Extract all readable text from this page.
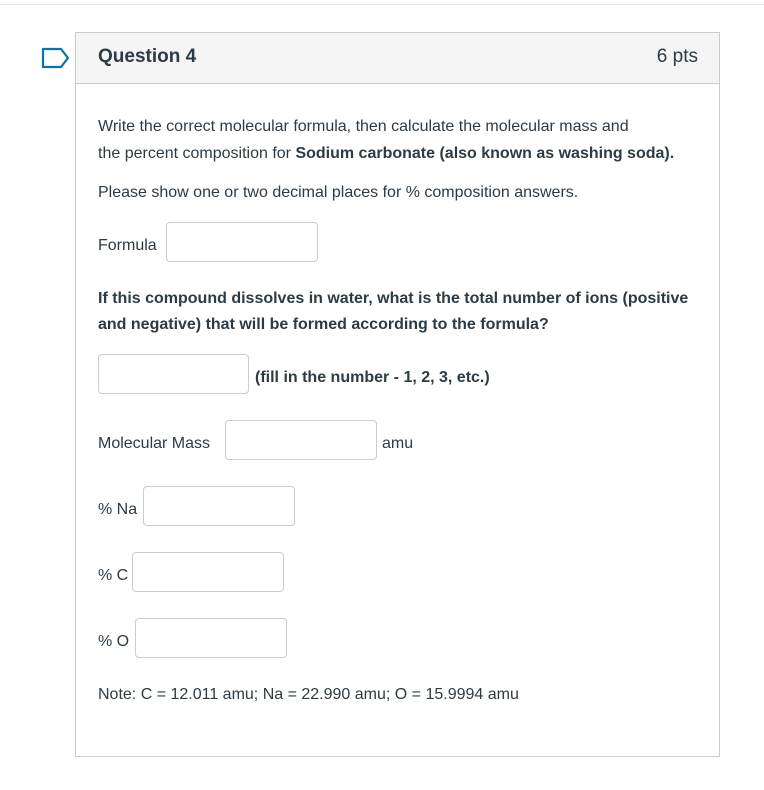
Question 4	6 pts
Write the correct molecular formula, then calculate the molecular mass and
the percent composition for Sodium carbonate (also known as washing soda).
Please show one or two decimal places for % composition answers.
Formula
If this compound dissolves in water, what is the total number of ions (positive
and negative) that will be formed according to the formula?
(fill in the number - 1, 2, 3, etc.)
Molecular Mass	amu
% Na
% C
% O
Note: C = 12.011 amu; Na = 22.990 amu; O = 15.9994 amu
